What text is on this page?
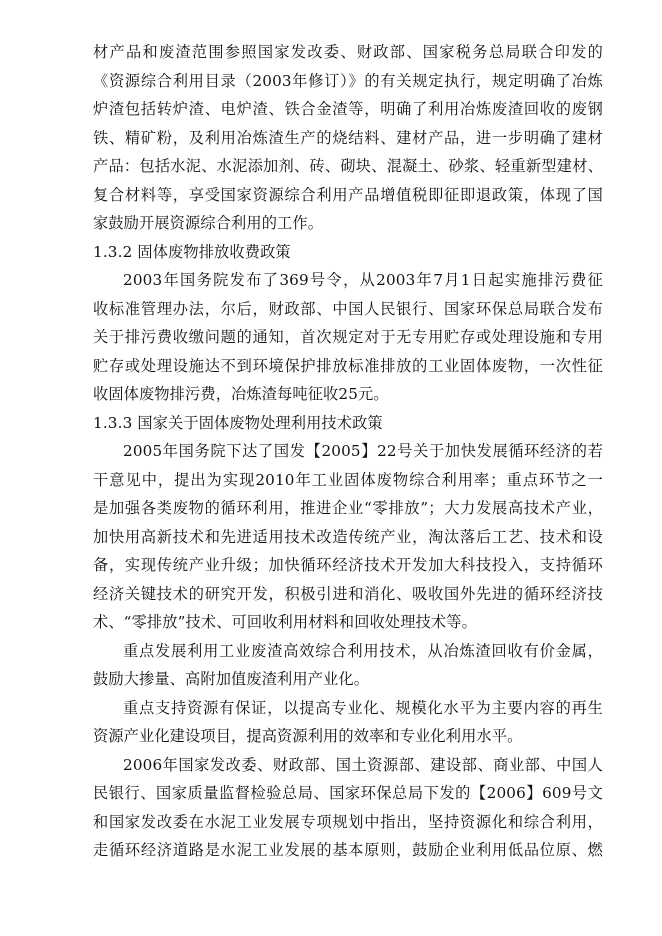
材产品和废渣范围参照国家发改委、财政部、国家税务总局联合印发的
《资源综合利用目录（2003年修订）》的有关规定执行，规定明确了冶炼
炉渣包括转炉渣、电炉渣、铁合金渣等，明确了利用冶炼废渣回收的废钢
铁、精矿粉，及利用冶炼渣生产的烧结料、建材产品，进一步明确了建材
产品：包括水泥、水泥添加剂、砖、砌块、混凝土、砂浆、轻重新型建材、
复合材料等，享受国家资源综合利用产品增值税即征即退政策，体现了国
家鼓励开展资源综合利用的工作。
1.3.2 固体废物排放收费政策
2003年国务院发布了369号令，从2003年7月1日起实施排污费征
收标准管理办法，尔后，财政部、中国人民银行、国家环保总局联合发布
关于排污费收缴问题的通知，首次规定对于无专用贮存或处理设施和专用
贮存或处理设施达不到环境保护排放标准排放的工业固体废物，一次性征
收固体废物排污费，冶炼渣每吨征收25元。
1.3.3 国家关于固体废物处理利用技术政策
2005年国务院下达了国发【2005】22号关于加快发展循环经济的若
干意见中，提出为实现2010年工业固体废物综合利用率；重点环节之一
是加强各类废物的循环利用，推进企业“零排放”；大力发展高技术产业，
加快用高新技术和先进适用技术改造传统产业，淘汰落后工艺、技术和设
备，实现传统产业升级；加快循环经济技术开发加大科技投入，支持循环
经济关键技术的研究开发，积极引进和消化、吸收国外先进的循环经济技
术、“零排放”技术、可回收利用材料和回收处理技术等。
重点发展利用工业废渣高效综合利用技术，从冶炼渣回收有价金属，
鼓励大掺量、高附加值废渣利用产业化。
重点支持资源有保证，以提高专业化、规模化水平为主要内容的再生
资源产业化建设项目，提高资源利用的效率和专业化利用水平。
2006年国家发改委、财政部、国土资源部、建设部、商业部、中国人
民银行、国家质量监督检验总局、国家环保总局下发的【2006】609号文
和国家发改委在水泥工业发展专项规划中指出，坚持资源化和综合利用，
走循环经济道路是水泥工业发展的基本原则，鼓励企业利用低品位原、燃
